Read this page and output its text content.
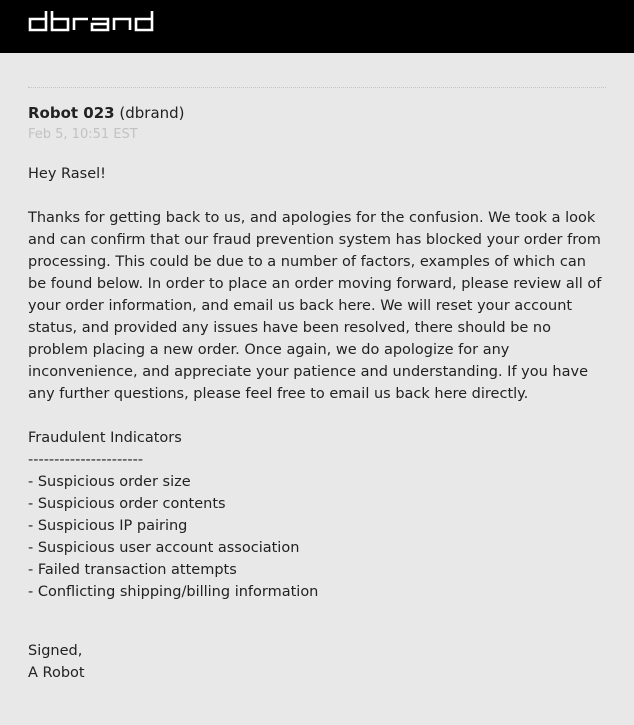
Robot 023 (dbrand)
Feb 5, 10:51 EST

Hey Rasel!

Thanks for getting back to us, and apologies for the confusion. We took a look and can confirm that our fraud prevention system has blocked your order from processing. This could be due to a number of factors, examples of which can be found below. In order to place an order moving forward, please review all of your order information, and email us back here. We will reset your account status, and provided any issues have been resolved, there should be no problem placing a new order. Once again, we do apologize for any inconvenience, and appreciate your patience and understanding. If you have any further questions, please feel free to email us back here directly.

Fraudulent Indicators
----------------------
- Suspicious order size
- Suspicious order contents
- Suspicious IP pairing
- Suspicious user account association
- Failed transaction attempts
- Conflicting shipping/billing information
Signed,
A Robot
